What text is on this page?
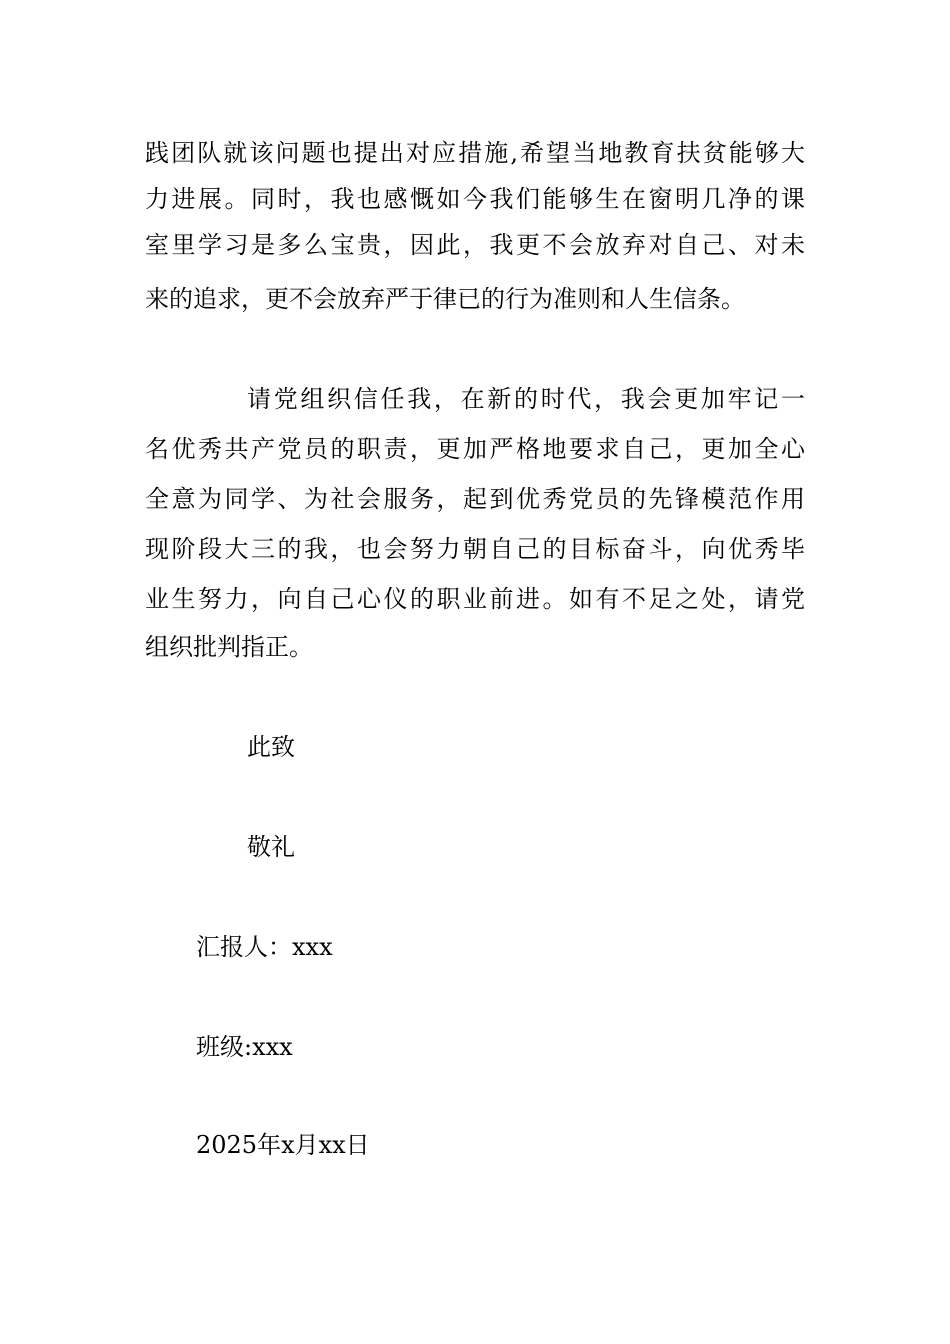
践团队就该问题也提出对应措施,希望当地教育扶贫能够大
力进展。同时，我也感慨如今我们能够生在窗明几净的课
室里学习是多么宝贵，因此，我更不会放弃对自己、对未
来的追求，更不会放弃严于律已的行为准则和人生信条。
请党组织信任我，在新的时代，我会更加牢记一
名优秀共产党员的职责，更加严格地要求自己，更加全心
全意为同学、为社会服务，起到优秀党员的先锋模范作用
现阶段大三的我，也会努力朝自己的目标奋斗，向优秀毕
业生努力，向自己心仪的职业前进。如有不足之处，请党
组织批判指正。
此致
敬礼
汇报人：xxx
班级:xxx
2025年x月xx日
